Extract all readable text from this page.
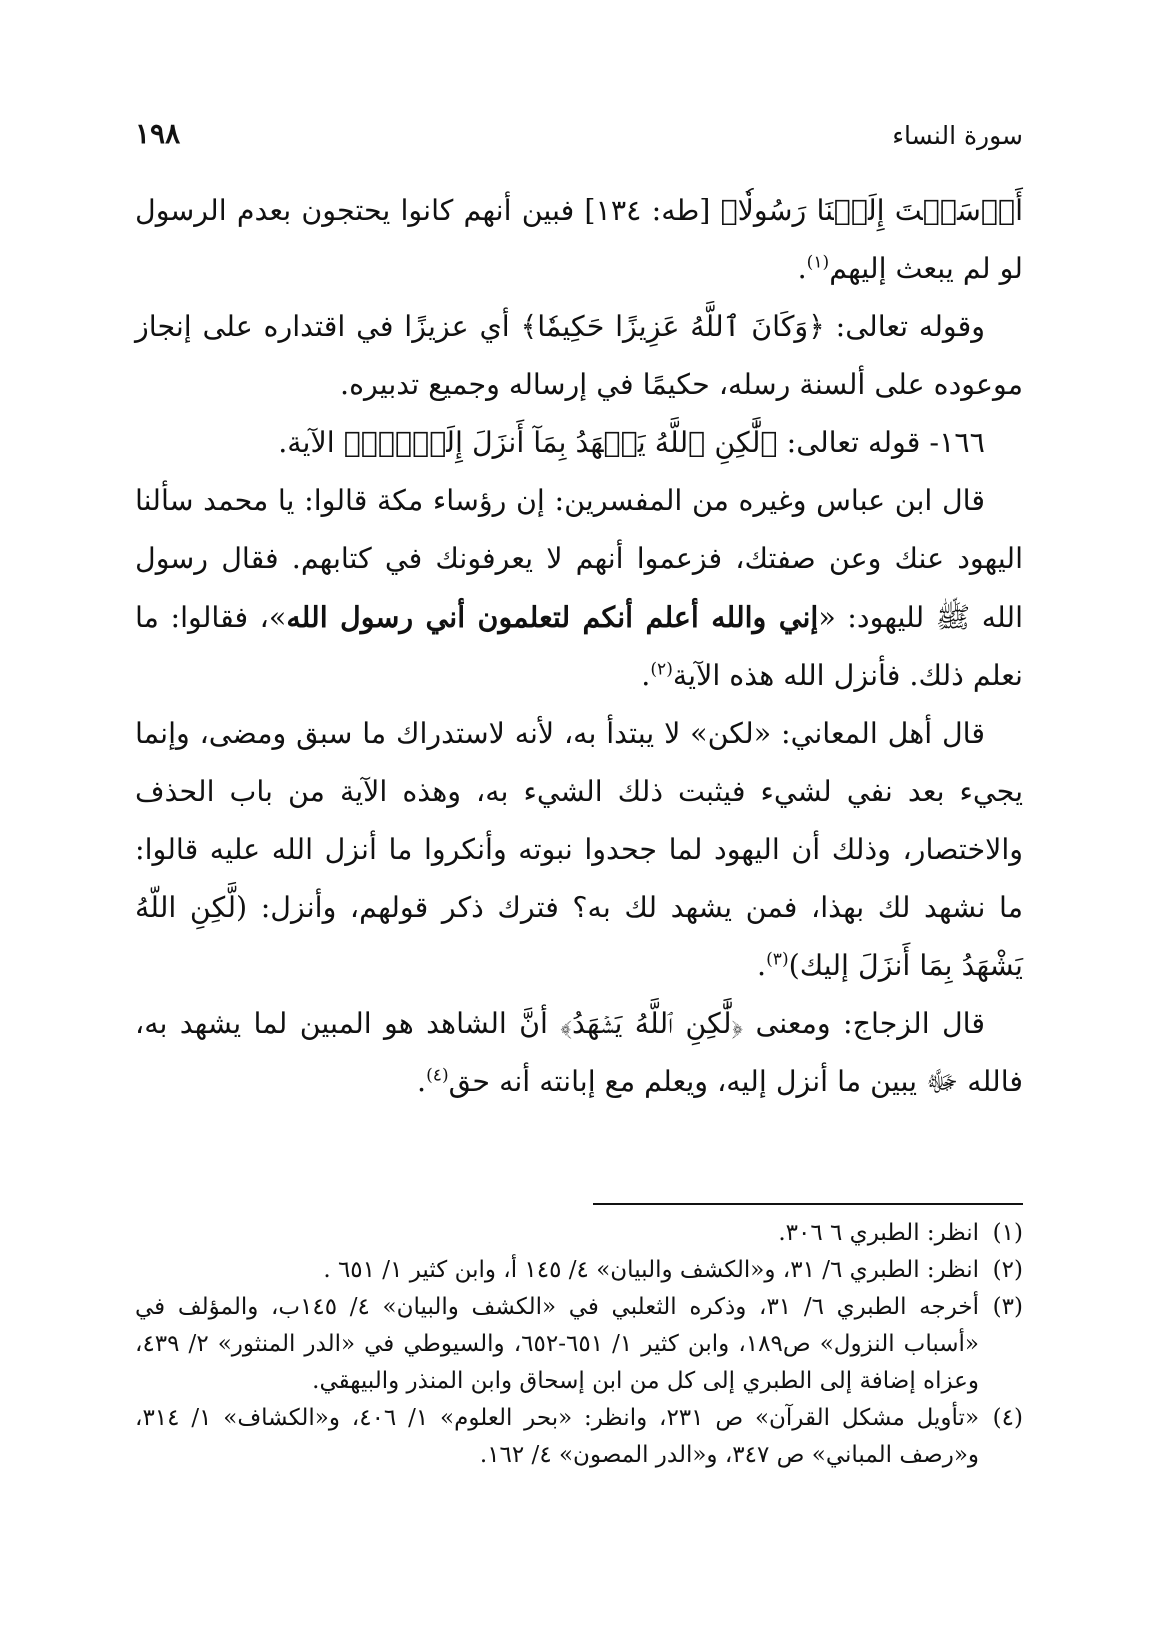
١٩٨	سورة النساء

أَرۡسَلۡتَ إِلَيۡنَا رَسُولٗا﴾ [طه: ١٣٤] فبين أنهم كانوا يحتجون بعدم الرسول لو لم يبعث إليهم$^{(١)}$.

وقوله تعالى: ﴿وَكَانَ ٱللَّهُ عَزِيزًا حَكِيمٗا﴾ أي عزيزًا في اقتداره على إنجاز موعوده على ألسنة رسله، حكيمًا في إرساله وجميع تدبيره.

١٦٦- قوله تعالى: ﴿لَّٰكِنِ ٱللَّهُ يَشۡهَدُ بِمَآ أَنزَلَ إِلَيۡكَۖ﴾ الآية.

قال ابن عباس وغيره من المفسرين: إن رؤساء مكة قالوا: يا محمد سألنا اليهود عنك وعن صفتك، فزعموا أنهم لا يعرفونك في كتابهم. فقال رسول الله ﷺ لليهود: «إني والله أعلم أنكم لتعلمون أني رسول الله»، فقالوا: ما نعلم ذلك. فأنزل الله هذه الآية$^{(٢)}$.

قال أهل المعاني: «لكن» لا يبتدأ به، لأنه لاستدراك ما سبق ومضى، وإنما يجيء بعد نفي لشيء فيثبت ذلك الشيء به، وهذه الآية من باب الحذف والاختصار، وذلك أن اليهود لما جحدوا نبوته وأنكروا ما أنزل الله عليه قالوا: ما نشهد لك بهذا، فمن يشهد لك به؟ فترك ذكر قولهم، وأنزل: (لَّكِنِ اللّهُ يَشْهَدُ بِمَا أَنزَلَ إليك)$^{(٣)}$.

قال الزجاج: ومعنى ﴿لَّٰكِنِ ٱللَّهُ يَشۡهَدُ﴾ أنَّ الشاهد هو المبين لما يشهد به، فالله ﷻ يبين ما أنزل إليه، ويعلم مع إبانته أنه حق$^{(٤)}$.

(١)
انظر: الطبري ٦ ٣٠٦.
(٢)
انظر: الطبري ٦/ ٣١، و«الكشف والبيان» ٤/ ١٤٥ أ، وابن كثير ١/ ٦٥١ .
(٣)
أخرجه الطبري ٦/ ٣١، وذكره الثعلبي في «الكشف والبيان» ٤/ ١٤٥ب، والمؤلف في «أسباب النزول» ص١٨٩، وابن كثير ١/ ٦٥١-٦٥٢، والسيوطي في «الدر المنثور» ٢/ ٤٣٩، وعزاه إضافة إلى الطبري إلى كل من ابن إسحاق وابن المنذر والبيهقي.
(٤)
«تأويل مشكل القرآن» ص ٢٣١، وانظر: «بحر العلوم» ١/ ٤٠٦، و«الكشاف» ١/ ٣١٤، و«رصف المباني» ص ٣٤٧، و«الدر المصون» ٤/ ١٦٢.
